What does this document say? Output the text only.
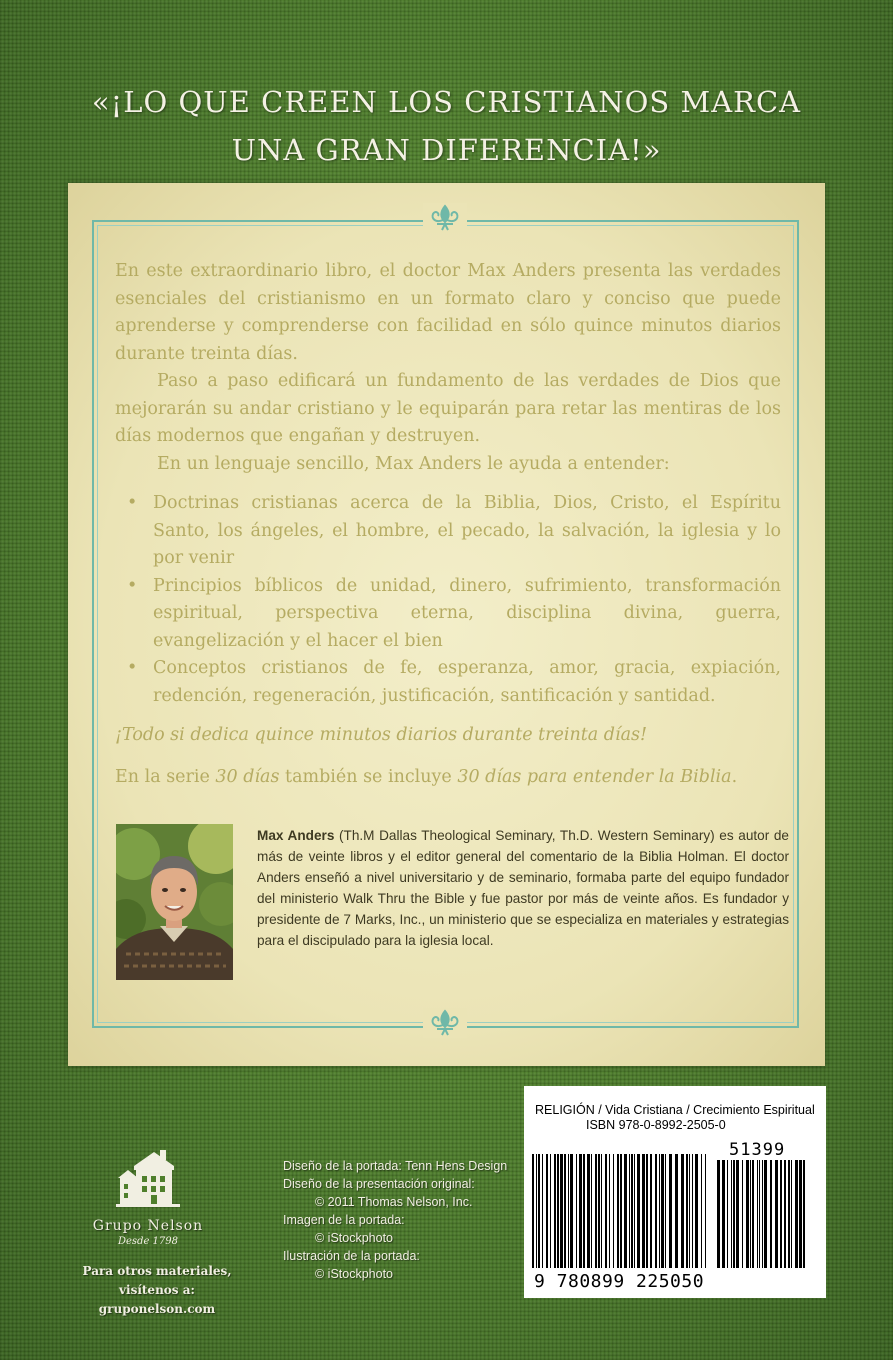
«¡LO QUE CREEN LOS CRISTIANOS MARCA
UNA GRAN DIFERENCIA!»

En este extraordinario libro, el doctor Max Anders presenta las verdades esenciales del cristianismo en un formato claro y conciso que puede aprenderse y comprenderse con facilidad en sólo quince minutos diarios durante treinta días.

Paso a paso edificará un fundamento de las verdades de Dios que mejorarán su andar cristiano y le equiparán para retar las mentiras de los días modernos que engañan y destruyen.

En un lenguaje sencillo, Max Anders le ayuda a entender:

• Doctrinas cristianas acerca de la Biblia, Dios, Cristo, el Espíritu Santo, los ángeles, el hombre, el pecado, la salvación, la iglesia y lo por venir
• Principios bíblicos de unidad, dinero, sufrimiento, transformación espiritual, perspectiva eterna, disciplina divina, guerra, evangelización y el hacer el bien
• Conceptos cristianos de fe, esperanza, amor, gracia, expiación, redención, regeneración, justificación, santificación y santidad.

¡Todo si dedica quince minutos diarios durante treinta días!

En la serie 30 días también se incluye 30 días para entender la Biblia.

Max Anders (Th.M Dallas Theological Seminary, Th.D. Western Seminary) es autor de más de veinte libros y el editor general del comentario de la Biblia Holman. El doctor Anders enseñó a nivel universitario y de seminario, formaba parte del equipo fundador del ministerio Walk Thru the Bible y fue pastor por más de veinte años. Es fundador y presidente de 7 Marks, Inc., un ministerio que se especializa en materiales y estrategias para el discipulado para la iglesia local.
Grupo Nelson
Desde 1798
Para otros materiales, visítenos a:
gruponelson.com
Diseño de la portada: Tenn Hens Design
Diseño de la presentación original:
© 2011 Thomas Nelson, Inc.
Imagen de la portada:
© iStockphoto
Ilustración de la portada:
© iStockphoto
RELIGIÓN / Vida Cristiana / Crecimiento Espiritual
ISBN 978-0-8992-2505-0
51399
9 780899 225050
